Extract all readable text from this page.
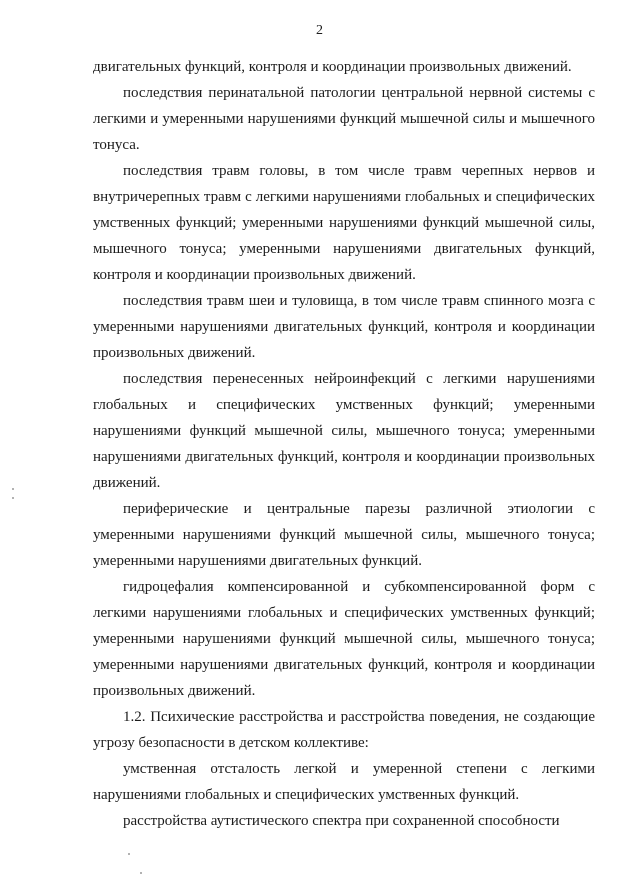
2

двигательных функций, контроля и координации произвольных движений.

последствия перинатальной патологии центральной нервной системы с легкими и умеренными нарушениями функций мышечной силы и мышечного тонуса.

последствия травм головы, в том числе травм черепных нервов и внутричерепных травм с легкими нарушениями глобальных и специфических умственных функций; умеренными нарушениями функций мышечной силы, мышечного тонуса; умеренными нарушениями двигательных функций, контроля и координации произвольных движений.

последствия травм шеи и туловища, в том числе травм спинного мозга с умеренными нарушениями двигательных функций, контроля и координации произвольных движений.

последствия перенесенных нейроинфекций с легкими нарушениями глобальных и специфических умственных функций; умеренными нарушениями функций мышечной силы, мышечного тонуса; умеренными нарушениями двигательных функций, контроля и координации произвольных движений.

периферические и центральные парезы различной этиологии с умеренными нарушениями функций мышечной силы, мышечного тонуса; умеренными нарушениями двигательных функций.

гидроцефалия компенсированной и субкомпенсированной форм с легкими нарушениями глобальных и специфических умственных функций; умеренными нарушениями функций мышечной силы, мышечного тонуса; умеренными нарушениями двигательных функций, контроля и координации произвольных движений.

1.2. Психические расстройства и расстройства поведения, не создающие угрозу безопасности в детском коллективе:

умственная отсталость легкой и умеренной степени с легкими нарушениями глобальных и специфических умственных функций.

расстройства аутистического спектра при сохраненной способности
